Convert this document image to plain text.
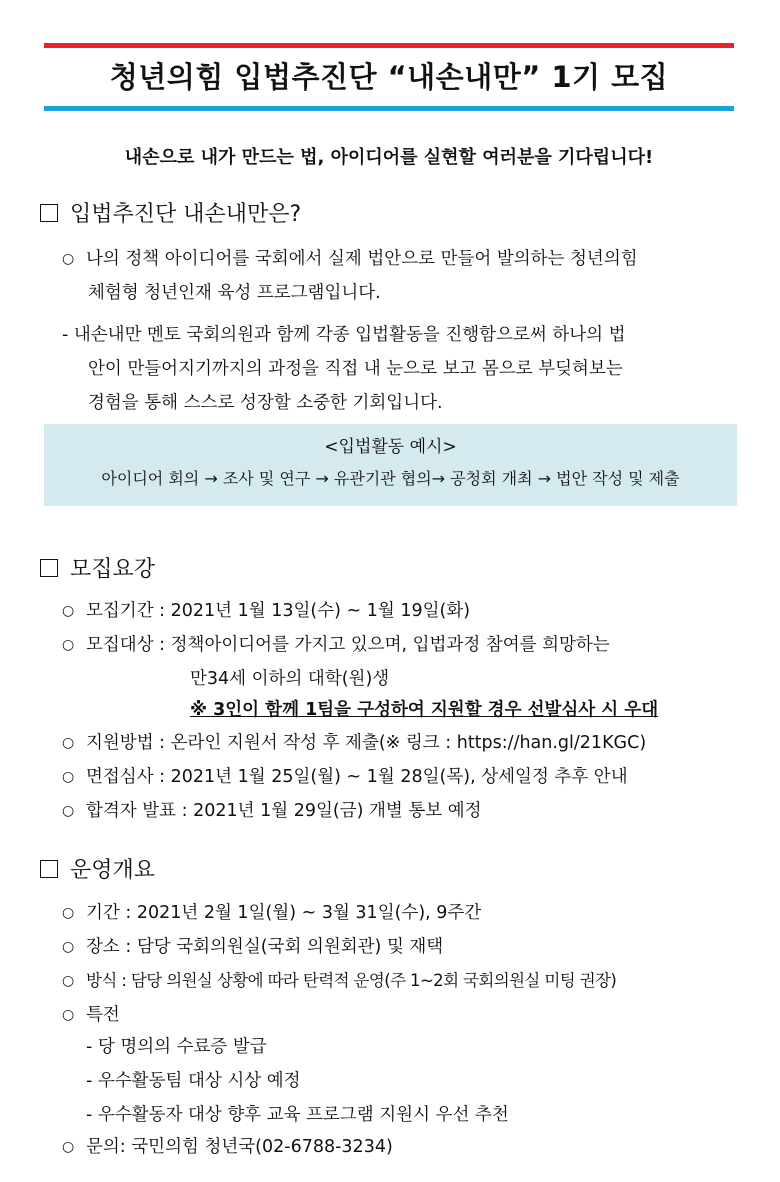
청년의힘 입법추진단 “내손내만” 1기 모집
내손으로 내가 만드는 법, 아이디어를 실현할 여러분을 기다립니다!
입법추진단 내손내만은?
○ 나의 정책 아이디어를 국회에서 실제 법안으로 만들어 발의하는 청년의힘
체험형 청년인재 육성 프로그램입니다.
- 내손내만 멘토 국회의원과 함께 각종 입법활동을 진행함으로써 하나의 법
안이 만들어지기까지의 과정을 직접 내 눈으로 보고 몸으로 부딪혀보는
경험을 통해 스스로 성장할 소중한 기회입니다.
<입법활동 예시>
아이디어 회의 → 조사 및 연구 → 유관기관 협의→ 공청회 개최 → 법안 작성 및 제출
모집요강
○ 모집기간 : 2021년 1월 13일(수) ~ 1월 19일(화)
○ 모집대상 : 정책아이디어를 가지고 있으며, 입법과정 참여를 희망하는
만34세 이하의 대학(원)생
※ 3인이 함께 1팀을 구성하여 지원할 경우 선발심사 시 우대
○ 지원방법 : 온라인 지원서 작성 후 제출(※ 링크 : https://han.gl/21KGC)
○ 면접심사 : 2021년 1월 25일(월) ~ 1월 28일(목), 상세일정 추후 안내
○ 합격자 발표 : 2021년 1월 29일(금) 개별 통보 예정
운영개요
○ 기간 : 2021년 2월 1일(월) ~ 3월 31일(수), 9주간
○ 장소 : 담당 국회의원실(국회 의원회관) 및 재택
○ 방식 : 담당 의원실 상황에 따라 탄력적 운영(주 1~2회 국회의원실 미팅 권장)
○ 특전
- 당 명의의 수료증 발급
- 우수활동팀 대상 시상 예정
- 우수활동자 대상 향후 교육 프로그램 지원시 우선 추천
○ 문의: 국민의힘 청년국(02-6788-3234)
